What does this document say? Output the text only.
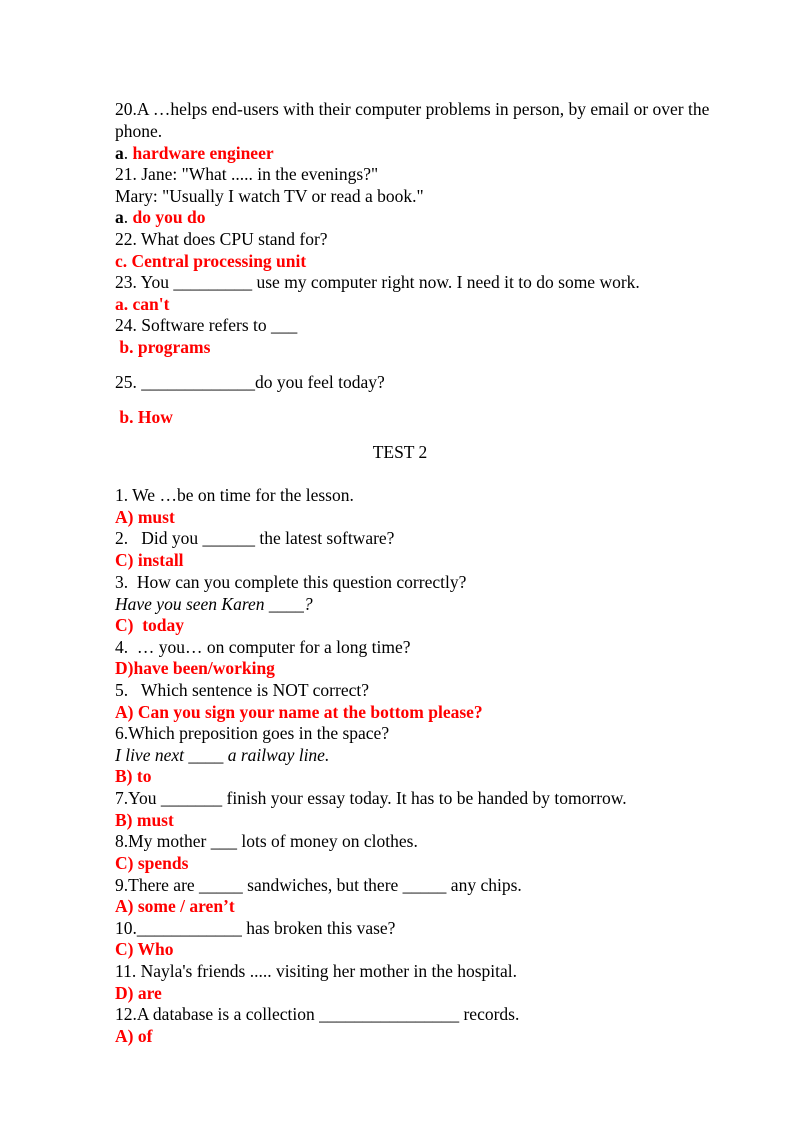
20.A …helps end-users with their computer problems in person, by email or over the phone.
a. hardware engineer
21. Jane: "What ..... in the evenings?"
Mary: "Usually I watch TV or read a book."
a. do you do
22. What does CPU stand for?
c. Central processing unit
23. You _________ use my computer right now. I need it to do some work.
a. can't
24. Software refers to ___
b. programs
25. _____________do you feel today?
b. How
TEST 2
1. We …be on time for the lesson.
A) must
2.   Did you ______ the latest software?
C) install
3.  How can you complete this question correctly?
Have you seen Karen ____?
C)  today
4.  … you… on computer for a long time?
D)have been/working
5.   Which sentence is NOT correct?
A) Can you sign your name at the bottom please?
6.Which preposition goes in the space?
I live next ____ a railway line.
B) to
7.You _______ finish your essay today. It has to be handed by tomorrow.
B) must
8.My mother ___ lots of money on clothes.
C) spends
9.There are _____ sandwiches, but there _____ any chips.
A) some / aren’t
10.____________ has broken this vase?
C) Who
11. Nayla's friends ..... visiting her mother in the hospital.
D) are
12.A database is a collection ________________ records.
A) of
